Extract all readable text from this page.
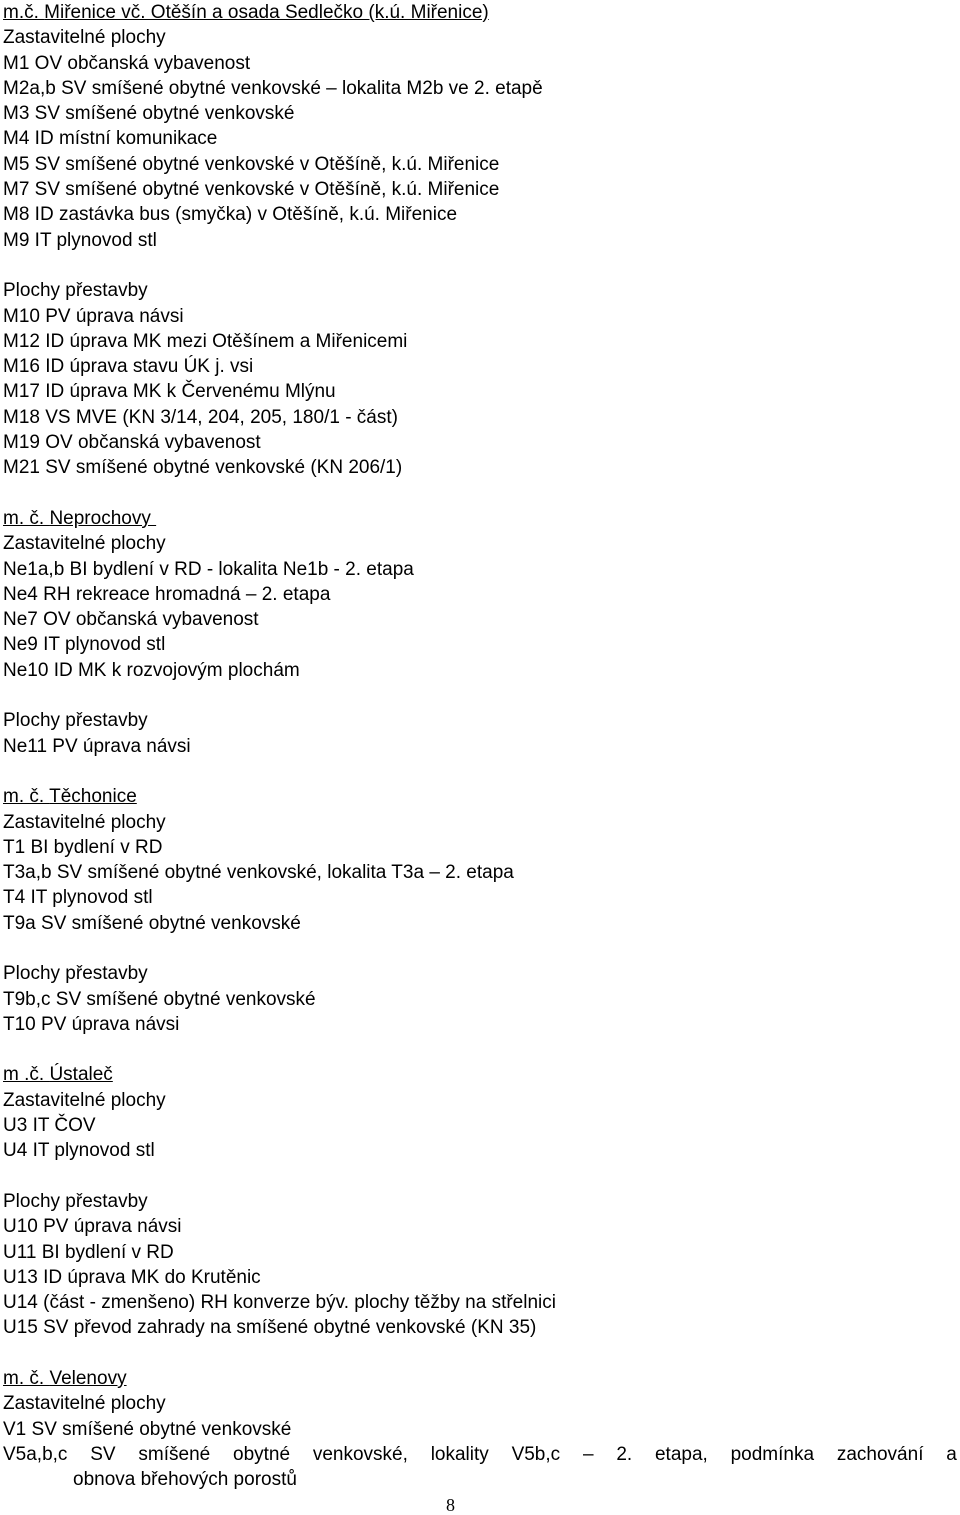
m.č. Miřenice vč. Otěšín a osada Sedlečko (k.ú. Miřenice)
Zastavitelné plochy
M1 OV občanská vybavenost
M2a,b SV smíšené obytné venkovské – lokalita M2b ve 2. etapě
M3 SV smíšené obytné venkovské
M4 ID místní komunikace
M5 SV smíšené obytné venkovské v Otěšíně, k.ú. Miřenice
M7 SV smíšené obytné venkovské v Otěšíně, k.ú. Miřenice
M8 ID zastávka bus (smyčka) v Otěšíně, k.ú. Miřenice
M9 IT plynovod stl
Plochy přestavby
M10 PV úprava návsi
M12 ID úprava MK mezi Otěšínem a Miřenicemi
M16 ID úprava stavu ÚK j. vsi
M17 ID úprava MK k Červenému Mlýnu
M18 VS MVE (KN 3/14, 204, 205, 180/1 - část)
M19 OV občanská vybavenost
M21 SV smíšené obytné venkovské (KN 206/1)
m. č. Neprochovy
Zastavitelné plochy
Ne1a,b BI bydlení v RD - lokalita Ne1b - 2. etapa
Ne4 RH rekreace hromadná – 2. etapa
Ne7 OV občanská vybavenost
Ne9 IT plynovod stl
Ne10 ID MK k rozvojovým plochám
Plochy přestavby
Ne11 PV úprava návsi
m. č. Těchonice
Zastavitelné plochy
T1 BI bydlení v RD
T3a,b SV smíšené obytné venkovské, lokalita T3a – 2. etapa
T4 IT plynovod stl
T9a SV smíšené obytné venkovské
Plochy přestavby
T9b,c SV smíšené obytné venkovské
T10 PV úprava návsi
m .č. Ústaleč
Zastavitelné plochy
U3 IT ČOV
U4 IT plynovod stl
Plochy přestavby
U10 PV úprava návsi
U11 BI bydlení v RD
U13 ID úprava MK do Krutěnic
U14 (část - zmenšeno) RH konverze býv. plochy těžby na střelnici
U15 SV převod zahrady na smíšené obytné venkovské (KN 35)
m. č. Velenovy
Zastavitelné plochy
V1 SV smíšené obytné venkovské
V5a,b,c SV smíšené obytné venkovské, lokality V5b,c – 2. etapa, podmínka zachování a
obnova břehových porostů
8
